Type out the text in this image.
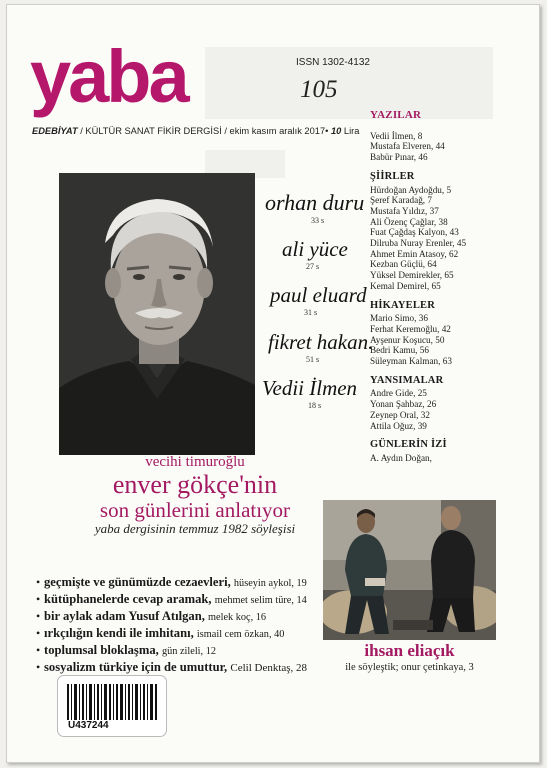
yaba	ISSN 1302-4132
105
EDEBİYAT / KÜLTÜR SANAT FİKİR DERGİSİ / ekim kasım aralık 2017• 10 Lira
orhan duru
33 s
ali yüce
27 s
paul eluard
31 s
fikret hakan.
51 s
Vedii İlmen
18 s
YAZILAR
Vedii İlmen, 8
Mustafa Elveren, 44
Babür Pınar, 46
ŞİİRLER
Hürdoğan Aydoğdu, 5
Şeref Karadağ, 7
Mustafa Yıldız, 37
Ali Özenç Çağlar, 38
Fuat Çağdaş Kalyon, 43
Dilruba Nuray Erenler, 45
Ahmet Emin Atasoy, 62
Kezban Güçlü, 64
Yüksel Demirekler, 65
Kemal Demirel, 65
HİKAYELER
Mario Simo, 36
Ferhat Keremoğlu, 42
Ayşenur Koşucu, 50
Bedri Kamu, 56
Süleyman Kalman, 63
YANSIMALAR
Andre Gide, 25
Yonan Şahbaz, 26
Zeynep Oral, 32
Attila Oğuz, 39
GÜNLERİN İZİ
A. Aydın Doğan,
vecihi timuroğlu
enver gökçe'nin
son günlerini anlatıyor
yaba dergisinin temmuz 1982 söyleşisi
ihsan eliaçık
ile söyleştik; onur çetinkaya, 3
• geçmişte ve günümüzde cezaevleri, hüseyin aykol, 19
• kütüphanelerde cevap aramak, mehmet selim türe, 14
• bir aylak adam Yusuf Atılgan, melek koç, 16
• ırkçılığın kendi ile imhitanı, ismail cem özkan, 40
• toplumsal bloklaşma, gün zileli, 12
• sosyalizm türkiye için de umuttur, Celil Denktaş, 28
U437244
